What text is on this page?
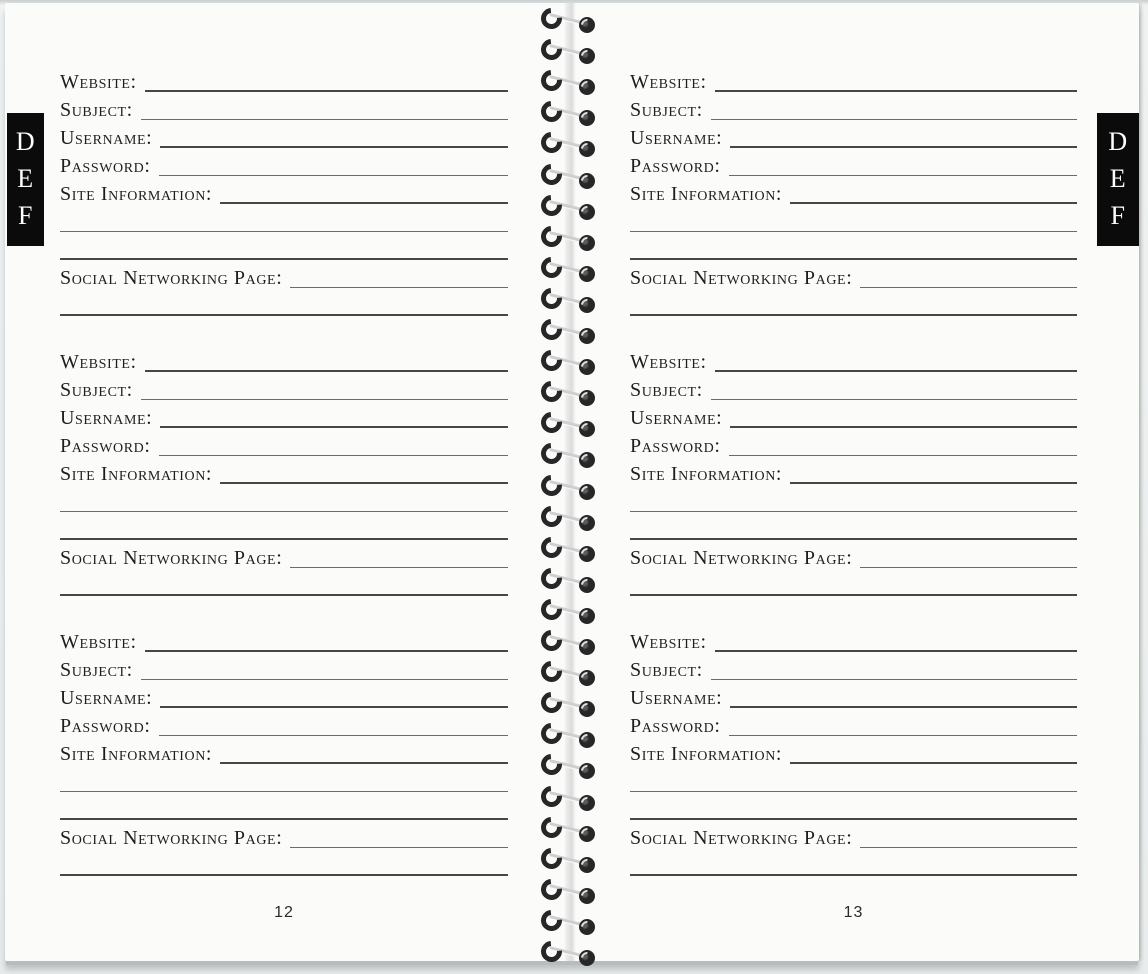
D
E
F
D
E
F
Website:
Subject:
Username:
Password:
Site Information:
Social Networking Page:
Website:
Subject:
Username:
Password:
Site Information:
Social Networking Page:
Website:
Subject:
Username:
Password:
Site Information:
Social Networking Page:
12
Website:
Subject:
Username:
Password:
Site Information:
Social Networking Page:
Website:
Subject:
Username:
Password:
Site Information:
Social Networking Page:
Website:
Subject:
Username:
Password:
Site Information:
Social Networking Page:
13
